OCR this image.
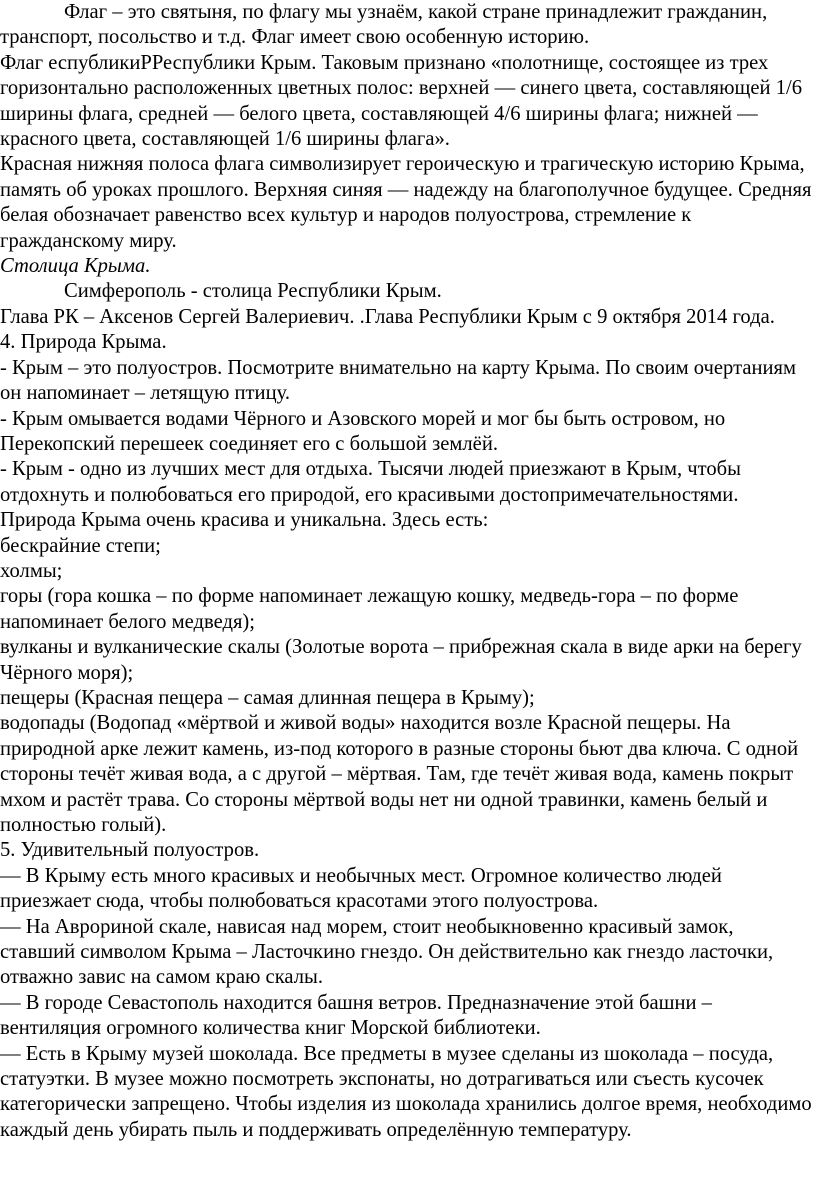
Флаг – это святыня, по флагу мы узнаём, какой стране принадлежит гражданин, транспорт, посольство и т.д. Флаг имеет свою особенную историю.

Флаг еспубликиРРеспублики Крым. Таковым признано «полотнище, состоящее из трех горизонтально расположенных цветных полос: верхней — синего цвета, составляющей 1/6 ширины флага, средней — белого цвета, составляющей 4/6 ширины флага; нижней — красного цвета, составляющей 1/6 ширины флага».

Красная нижняя полоса флага символизирует героическую и трагическую историю Крыма, память об уроках прошлого. Верхняя синяя — надежду на благополучное будущее. Средняя белая обозначает равенство всех культур и народов полуострова, стремление к гражданскому миру.

Столица Крыма.

Симферополь - столица Республики Крым.

Глава РК – Аксенов Сергей Валериевич. .Глава Республики Крым с 9 октября 2014 года.

4. Природа Крыма.

- Крым – это полуостров. Посмотрите внимательно на карту Крыма. По своим очертаниям он напоминает – летящую птицу.

- Крым омывается водами Чёрного и Азовского морей и мог бы быть островом, но Перекопский перешеек соединяет его с большой землёй.

- Крым - одно из лучших мест для отдыха. Тысячи людей приезжают в Крым, чтобы отдохнуть и полюбоваться его природой, его красивыми достопримечательностями.

Природа Крыма очень красива и уникальна. Здесь есть:

бескрайние степи;

холмы;

горы (гора кошка – по форме напоминает лежащую кошку, медведь-гора – по форме напоминает белого медведя);

вулканы и вулканические скалы (Золотые ворота – прибрежная скала в виде арки на берегу Чёрного моря);

пещеры (Красная пещера – самая длинная пещера в Крыму);

водопады (Водопад «мёртвой и живой воды» находится возле Красной пещеры. На природной арке лежит камень, из-под которого в разные стороны бьют два ключа. С одной стороны течёт живая вода, а с другой – мёртвая. Там, где течёт живая вода, камень покрыт мхом и растёт трава. Со стороны мёртвой воды нет ни одной травинки, камень белый и полностью голый).

5. Удивительный полуостров.

— В Крыму есть много красивых и необычных мест. Огромное количество людей приезжает сюда, чтобы полюбоваться красотами этого полуострова.

— На Авроринοй скале, нависая над морем, стоит необыкновенно красивый замок, ставший символом Крыма – Ласточкино гнездо. Он действительно как гнездо ласточки, отважно завис на самом краю скалы.

— В городе Севастополь находится башня ветров. Предназначение этой башни – вентиляция огромного количества книг Морской библиотеки.

— Есть в Крыму музей шоколада. Все предметы в музее сделаны из шоколада – посуда, статуэтки. В музее можно посмотреть экспонаты, но дотрагиваться или съесть кусочек категорически запрещено. Чтобы изделия из шоколада хранились долгое время, необходимо каждый день убирать пыль и поддерживать определённую температуру.
